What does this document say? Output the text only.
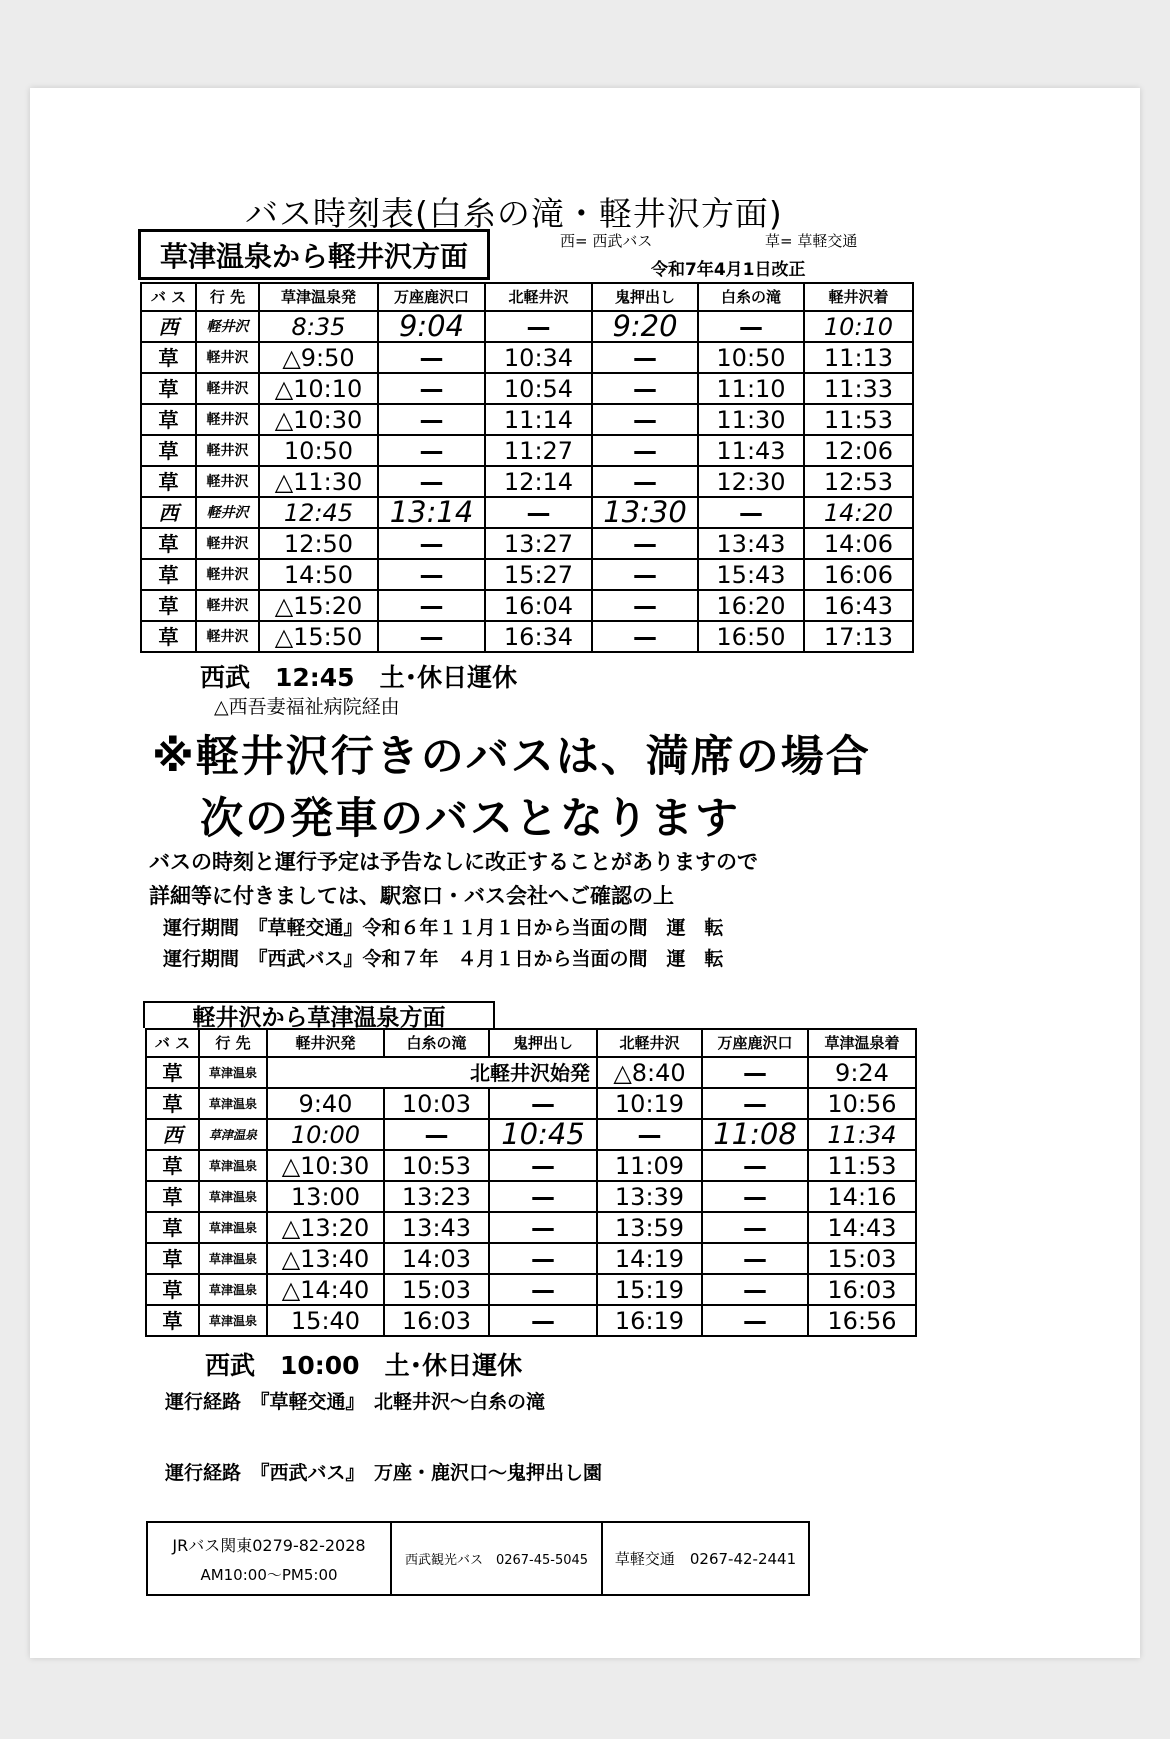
バス時刻表(白糸の滝・軽井沢方面)
草津温泉から軽井沢方面	西= 西武バス	草= 草軽交通
令和7年4月1日改正
バ ス	行 先	草津温泉発	万座鹿沢口	北軽井沢	鬼押出し	白糸の滝	軽井沢着
西	軽井沢	8:35	9:04	—	9:20	—	10:10
草	軽井沢	△9:50	—	10:34	—	10:50	11:13
草	軽井沢	△10:10	—	10:54	—	11:10	11:33
草	軽井沢	△10:30	—	11:14	—	11:30	11:53
草	軽井沢	10:50	—	11:27	—	11:43	12:06
草	軽井沢	△11:30	—	12:14	—	12:30	12:53
西	軽井沢	12:45	13:14	—	13:30	—	14:20
草	軽井沢	12:50	—	13:27	—	13:43	14:06
草	軽井沢	14:50	—	15:27	—	15:43	16:06
草	軽井沢	△15:20	—	16:04	—	16:20	16:43
草	軽井沢	△15:50	—	16:34	—	16:50	17:13
西武　12:45　土･休日運休
△西吾妻福祉病院経由
※軽井沢行きのバスは、満席の場合
次の発車のバスとなります
バスの時刻と運行予定は予告なしに改正することがありますので
詳細等に付きましては、駅窓口・バス会社へご確認の上
運行期間　『草軽交通』令和６年１１月１日から当面の間　運　転
運行期間　『西武バス』令和７年　４月１日から当面の間　運　転
軽井沢から草津温泉方面
バ ス	行 先	軽井沢発	白糸の滝	鬼押出し	北軽井沢	万座鹿沢口	草津温泉着
草	草津温泉	北軽井沢始発			△8:40	—	9:24
草	草津温泉	9:40	10:03	—	10:19	—	10:56
西	草津温泉	10:00	—	10:45	—	11:08	11:34
草	草津温泉	△10:30	10:53	—	11:09	—	11:53
草	草津温泉	13:00	13:23	—	13:39	—	14:16
草	草津温泉	△13:20	13:43	—	13:59	—	14:43
草	草津温泉	△13:40	14:03	—	14:19	—	15:03
草	草津温泉	△14:40	15:03	—	15:19	—	16:03
草	草津温泉	15:40	16:03	—	16:19	—	16:56
西武　10:00　土･休日運休
運行経路　『草軽交通』　北軽井沢～白糸の滝
運行経路　『西武バス』　万座・鹿沢口～鬼押出し園
JRバス関東0279-82-2028
AM10:00～PM5:00
西武観光バス　0267-45-5045 草軽交通　0267-42-2441
